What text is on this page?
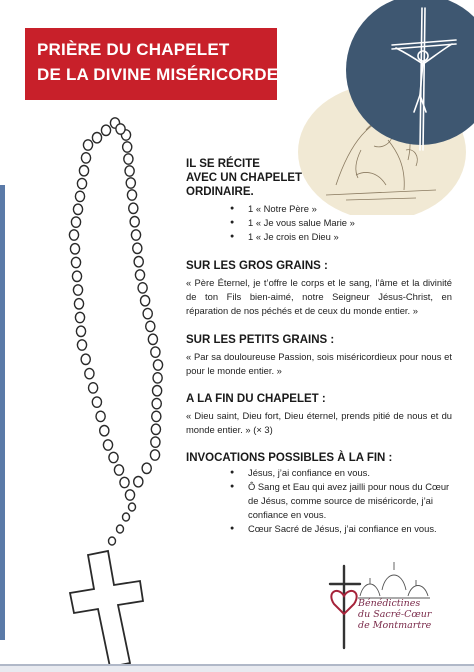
PRIÈRE DU CHAPELET
DE LA DIVINE MISÉRICORDE
IL SE RÉCITE
AVEC UN CHAPELET
ORDINAIRE.
● 1 « Notre Père »
● 1 « Je vous salue Marie »
● 1 « Je crois en Dieu »
SUR LES GROS GRAINS :

« Père Éternel, je t’offre le corps et le sang, l’âme et la divinité de ton Fils bien-aimé, notre Seigneur Jésus-Christ, en réparation de nos péchés et de ceux du monde entier. »

SUR LES PETITS GRAINS :

« Par sa douloureuse Passion, sois miséricordieux pour nous et pour le monde entier. »

A LA FIN DU CHAPELET :

« Dieu saint, Dieu fort, Dieu éternel, prends pitié de nous et du monde entier. » (× 3)

INVOCATIONS POSSIBLES À LA FIN :
● Jésus, j’ai confiance en vous.
● Ô Sang et Eau qui avez jailli pour nous du Cœur de Jésus, comme source de miséricorde, j’ai confiance en vous.
● Cœur Sacré de Jésus, j’ai confiance en vous.
Bénédictines
du Sacré-Cœur
de Montmartre
